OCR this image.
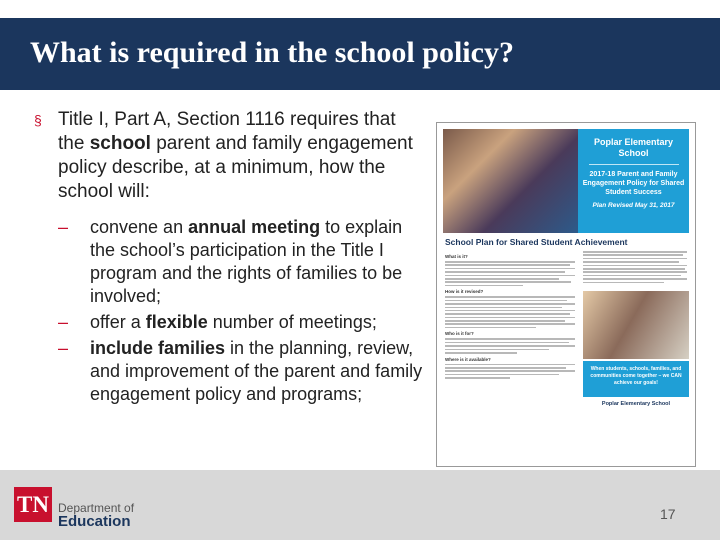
What is required in the school policy?
§ Title I, Part A, Section 1116 requires that the school parent and family engagement policy describe, at a minimum, how the school will:
– convene an annual meeting to explain the school’s participation in the Title I program and the rights of families to be involved;
– offer a flexible number of meetings;
– include families in the planning, review, and improvement of the parent and family engagement policy and programs;
Poplar Elementary School
2017-18 Parent and Family Engagement Policy for Shared Student Success
Plan Revised May 31, 2017
School Plan for Shared Student Achievement
What is it?
How is it revised?
Who is it for?
Where is it available?
When students, schools, families, and communities come together – we CAN achieve our goals!
Poplar Elementary School
TN Department of
Education	17
